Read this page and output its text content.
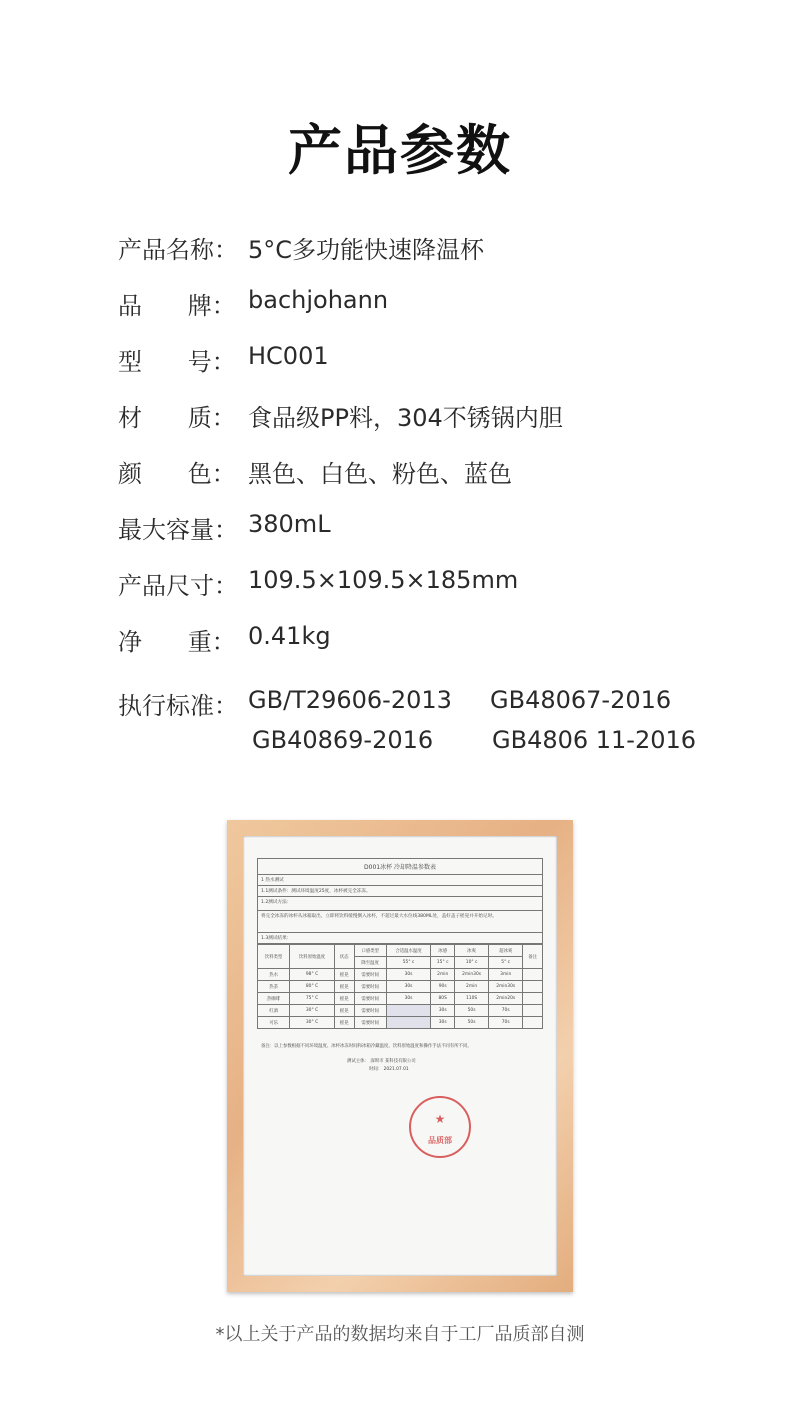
产品参数
产品名称： 5°C多功能快速降温杯
品      牌： bachjohann
型      号： HC001
材      质： 食品级PP料，304不锈锅内胆
颜      色： 黑色、白色、粉色、蓝色
最大容量： 380mL
产品尺寸： 109.5×109.5×185mm
净      重： 0.41kg
执行标准： GB/T29606-2013 GB48067-2016
GB40869-2016 GB4806 11-2016
D001冰杯 冷却降温参数表
1 热水测试
1.1测试条件：测试环境温度25度，冰杯被完全冻冻。
1.2测试方法：
将完全冰冻的冰杯从冰箱取出，立即将饮料缓慢倒入冰杯，不超过最大水位线380ML处，盖好盖子摇晃并开始记时。
1.3测试结果：
饮料类型	饮料原始温度	状态	口感类型	合适温水温度	冰感	冰爽	超冰爽	备注
			降至温度	55° c	15° c	10° c	5° c	
热水	98° C	摇晃	需要时间	30s	2min	2min30s	3min	
热茶	80° C	摇晃	需要时间	30s	90s	2min	2min30s	
热咖啡	75° C	摇晃	需要时间	30s	80S	110S	2min20s	
红酒	30° C	摇晃	需要时间		30s	50s	70s	
可乐	30° C	摇晃	需要时间		30s	50s	70s	
备注：以上参数根据不同环境温度、冰杯冰冻时间和冰箱冷藏温度、饮料原始温度和操作手法不同有所不同。
测试主体： 深圳市 某科技有限公司
时间： 2021.07.01
★
品质部
*以上关于产品的数据均来自于工厂品质部自测
